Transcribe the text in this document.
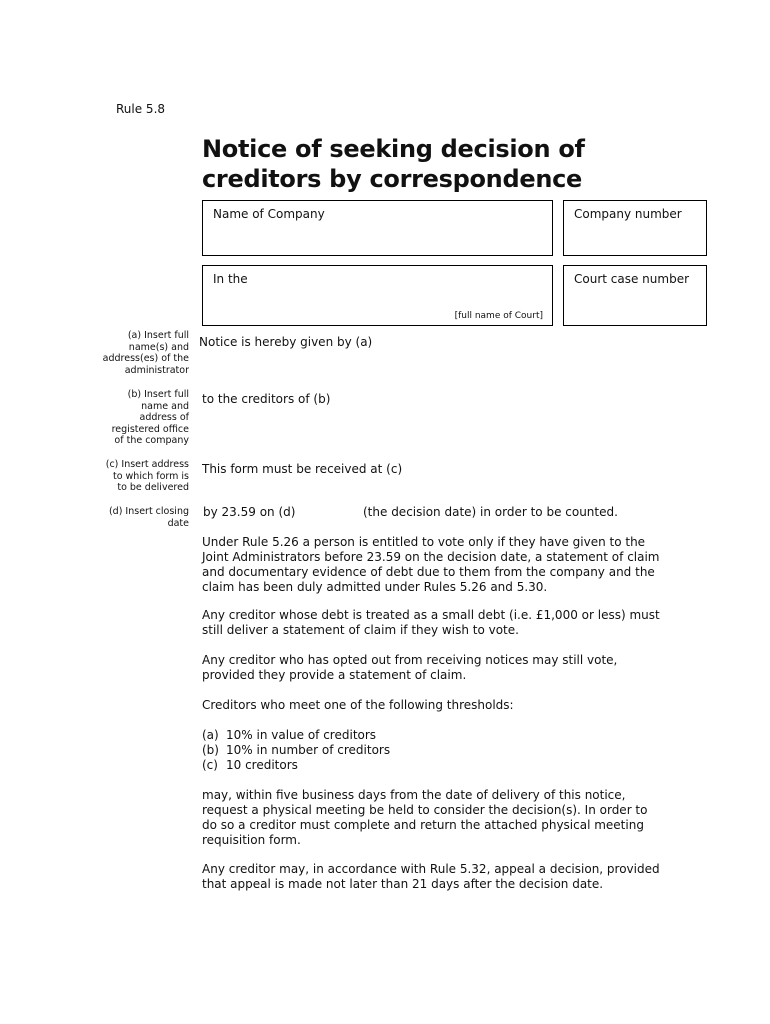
Rule 5.8
Notice of seeking decision of
creditors by correspondence
Name of Company	Company number
In the
[full name of Court]
Court case number
(a) Insert full
name(s) and
address(es) of the
administrator
Notice is hereby given by (a)
(b) Insert full
name and
address of
registered office
of the company
to the creditors of (b)
(c) Insert address
to which form is
to be delivered
This form must be received at (c)
(d) Insert closing
date
by 23.59 on (d)	(the decision date) in order to be counted.
Under Rule 5.26 a person is entitled to vote only if they have given to the Joint Administrators before 23.59 on the decision date, a statement of claim and documentary evidence of debt due to them from the company and the claim has been duly admitted under Rules 5.26 and 5.30.
Any creditor whose debt is treated as a small debt (i.e. £1,000 or less) must still deliver a statement of claim if they wish to vote.
Any creditor who has opted out from receiving notices may still vote, provided they provide a statement of claim.
Creditors who meet one of the following thresholds:
(a) 10% in value of creditors
(b) 10% in number of creditors
(c) 10 creditors
may, within five business days from the date of delivery of this notice, request a physical meeting be held to consider the decision(s). In order to do so a creditor must complete and return the attached physical meeting requisition form.
Any creditor may, in accordance with Rule 5.32, appeal a decision, provided that appeal is made not later than 21 days after the decision date.
